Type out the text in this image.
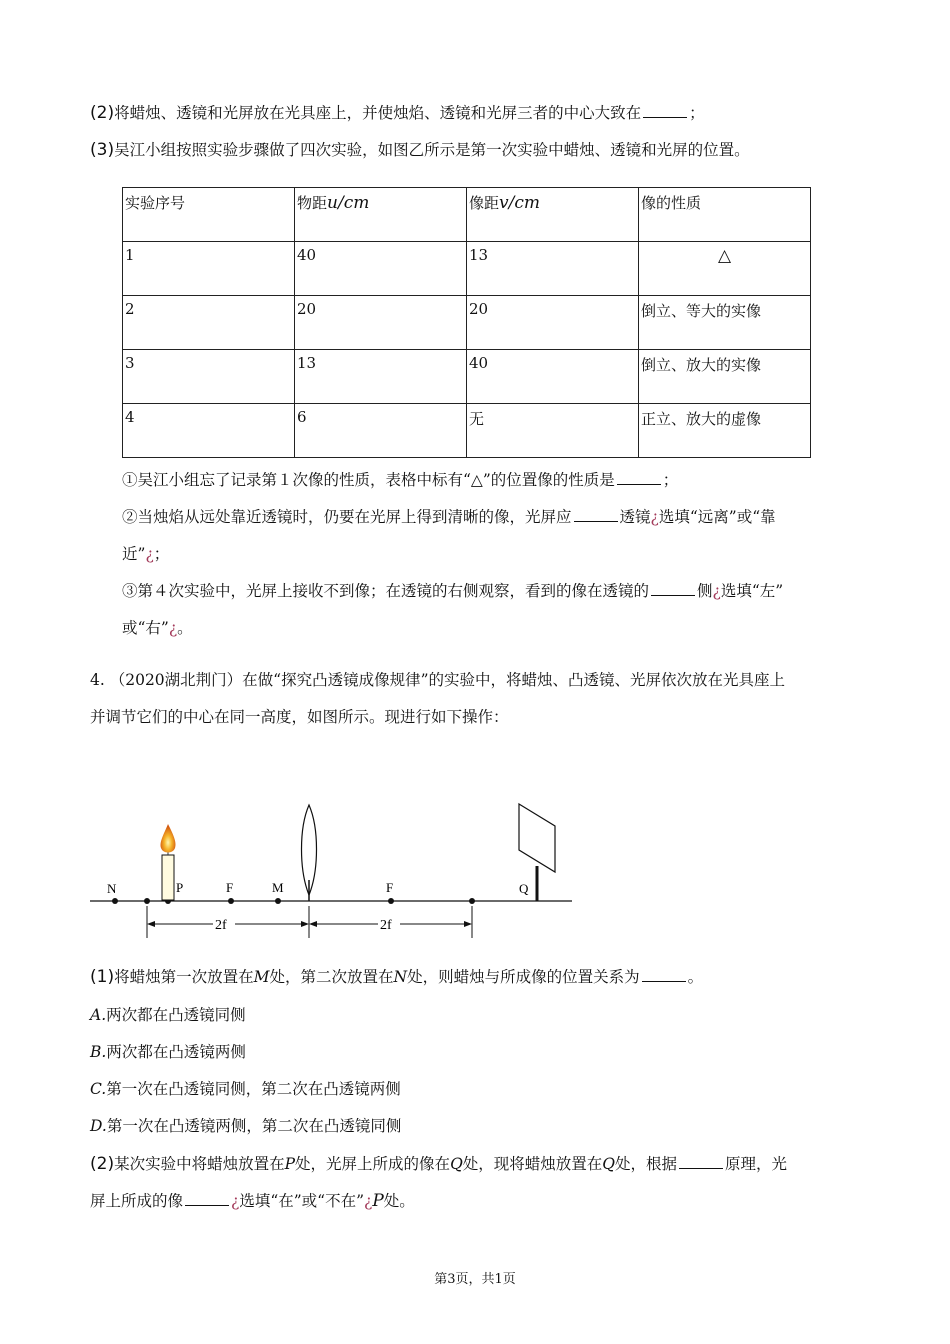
(2)将蜡烛、透镜和光屏放在光具座上，并使烛焰、透镜和光屏三者的中心大致在	；
(3)吴江小组按照实验步骤做了四次实验，如图乙所示是第一次实验中蜡烛、透镜和光屏的位置。
实验序号	物距u/cm	像距v/cm	像的性质
1	40	13	△
2	20	20	倒立、等大的实像
3	13	40	倒立、放大的实像
4	6	无	正立、放大的虚像
①吴江小组忘了记录第１次像的性质，表格中标有“△”的位置像的性质是	；
②当烛焰从远处靠近透镜时，仍要在光屏上得到清晰的像，光屏应	透镜¿选填“远离”或“靠
近”¿；
③第４次实验中，光屏上接收不到像；在透镜的右侧观察，看到的像在透镜的	侧¿选填“左”
或“右”¿。
4. （2020湖北荆门）在做“探究凸透镜成像规律”的实验中，将蜡烛、凸透镜、光屏依次放在光具座上
并调节它们的中心在同一高度，如图所示。现进行如下操作：
N	P	F	M	F	Q
2f	2f
(1)将蜡烛第一次放置在M处，第二次放置在N处，则蜡烛与所成像的位置关系为	。
A.两次都在凸透镜同侧
B.两次都在凸透镜两侧
C.第一次在凸透镜同侧，第二次在凸透镜两侧
D.第一次在凸透镜两侧，第二次在凸透镜同侧
(2)某次实验中将蜡烛放置在P处，光屏上所成的像在Q处，现将蜡烛放置在Q处，根据	原理，光
屏上所成的像	¿选填“在”或“不在”¿P处。
第3页，共1页
